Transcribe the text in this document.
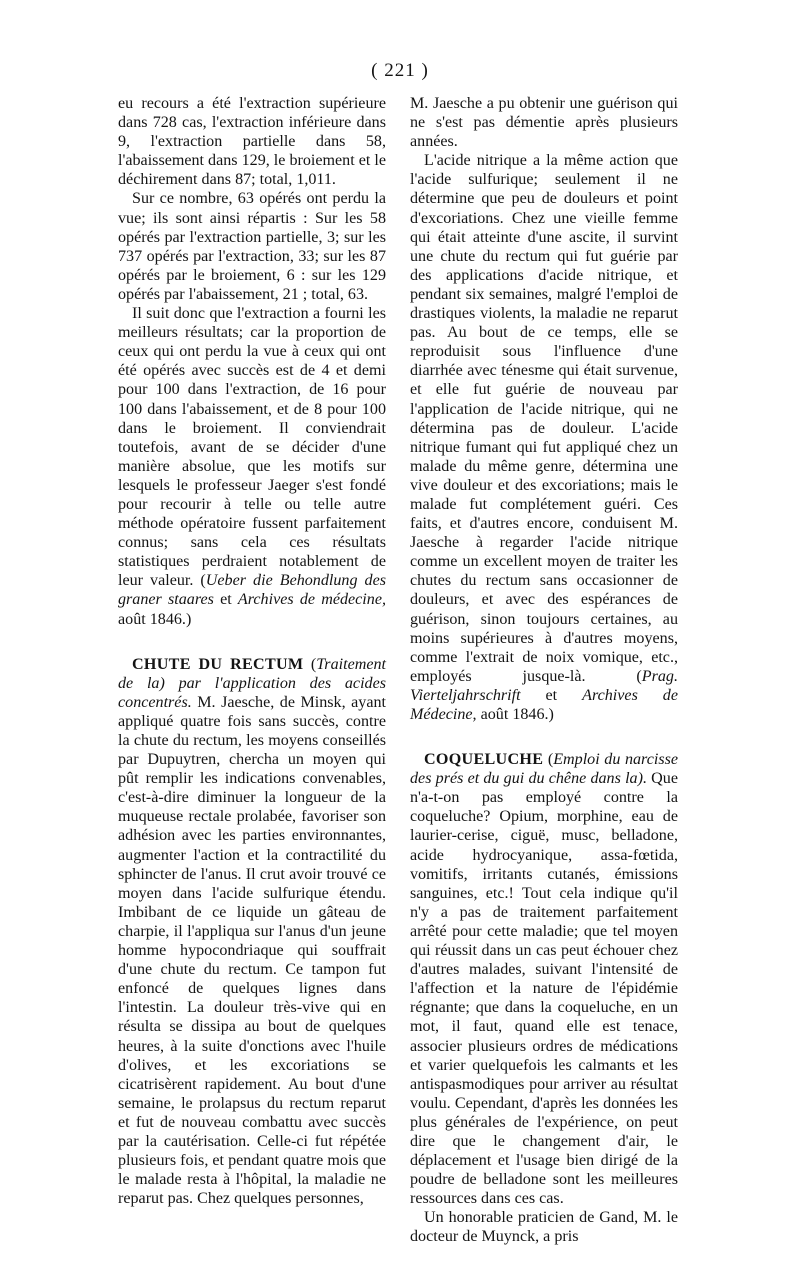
( 221 )

eu recours a été l'extraction supérieure dans 728 cas, l'extraction inférieure dans 9, l'extraction partielle dans 58, l'abaissement dans 129, le broiement et le déchirement dans 87; total, 1,011.

Sur ce nombre, 63 opérés ont perdu la vue; ils sont ainsi répartis : Sur les 58 opérés par l'extraction partielle, 3; sur les 737 opérés par l'extraction, 33; sur les 87 opérés par le broiement, 6 : sur les 129 opérés par l'abaissement, 21 ; total, 63.

Il suit donc que l'extraction a fourni les meilleurs résultats; car la proportion de ceux qui ont perdu la vue à ceux qui ont été opérés avec succès est de 4 et demi pour 100 dans l'extraction, de 16 pour 100 dans l'abaissement, et de 8 pour 100 dans le broiement. Il conviendrait toutefois, avant de se décider d'une manière absolue, que les motifs sur lesquels le professeur Jaeger s'est fondé pour recourir à telle ou telle autre méthode opératoire fussent parfaitement connus; sans cela ces résultats statistiques perdraient notablement de leur valeur. (Ueber die Behondlung des graner staares et Archives de médecine, août 1846.)

CHUTE DU RECTUM (Traitement de la) par l'application des acides concentrés. M. Jaesche, de Minsk, ayant appliqué quatre fois sans succès, contre la chute du rectum, les moyens conseillés par Dupuytren, chercha un moyen qui pût remplir les indications convenables, c'est-à-dire diminuer la longueur de la muqueuse rectale prolabée, favoriser son adhésion avec les parties environnantes, augmenter l'action et la contractilité du sphincter de l'anus. Il crut avoir trouvé ce moyen dans l'acide sulfurique étendu. Imbibant de ce liquide un gâteau de charpie, il l'appliqua sur l'anus d'un jeune homme hypocondriaque qui souffrait d'une chute du rectum. Ce tampon fut enfoncé de quelques lignes dans l'intestin. La douleur très-vive qui en résulta se dissipa au bout de quelques heures, à la suite d'onctions avec l'huile d'olives, et les excoriations se cicatrisèrent rapidement. Au bout d'une semaine, le prolapsus du rectum reparut et fut de nouveau combattu avec succès par la cautérisation. Celle-ci fut répétée plusieurs fois, et pendant quatre mois que le malade resta à l'hôpital, la maladie ne reparut pas. Chez quelques personnes,

M. Jaesche a pu obtenir une guérison qui ne s'est pas démentie après plusieurs années.

L'acide nitrique a la même action que l'acide sulfurique; seulement il ne détermine que peu de douleurs et point d'excoriations. Chez une vieille femme qui était atteinte d'une ascite, il survint une chute du rectum qui fut guérie par des applications d'acide nitrique, et pendant six semaines, malgré l'emploi de drastiques violents, la maladie ne reparut pas. Au bout de ce temps, elle se reproduisit sous l'influence d'une diarrhée avec ténesme qui était survenue, et elle fut guérie de nouveau par l'application de l'acide nitrique, qui ne détermina pas de douleur. L'acide nitrique fumant qui fut appliqué chez un malade du même genre, détermina une vive douleur et des excoriations; mais le malade fut complétement guéri. Ces faits, et d'autres encore, conduisent M. Jaesche à regarder l'acide nitrique comme un excellent moyen de traiter les chutes du rectum sans occasionner de douleurs, et avec des espérances de guérison, sinon toujours certaines, au moins supérieures à d'autres moyens, comme l'extrait de noix vomique, etc., employés jusque-là. (Prag. Vierteljahrschrift et Archives de Médecine, août 1846.)

COQUELUCHE (Emploi du narcisse des prés et du gui du chêne dans la). Que n'a-t-on pas employé contre la coqueluche? Opium, morphine, eau de laurier-cerise, ciguë, musc, belladone, acide hydrocyanique, assa-fœtida, vomitifs, irritants cutanés, émissions sanguines, etc.! Tout cela indique qu'il n'y a pas de traitement parfaitement arrêté pour cette maladie; que tel moyen qui réussit dans un cas peut échouer chez d'autres malades, suivant l'intensité de l'affection et la nature de l'épidémie régnante; que dans la coqueluche, en un mot, il faut, quand elle est tenace, associer plusieurs ordres de médications et varier quelquefois les calmants et les antispasmodiques pour arriver au résultat voulu. Cependant, d'après les données les plus générales de l'expérience, on peut dire que le changement d'air, le déplacement et l'usage bien dirigé de la poudre de belladone sont les meilleures ressources dans ces cas.

Un honorable praticien de Gand, M. le docteur de Muynck, a pris
